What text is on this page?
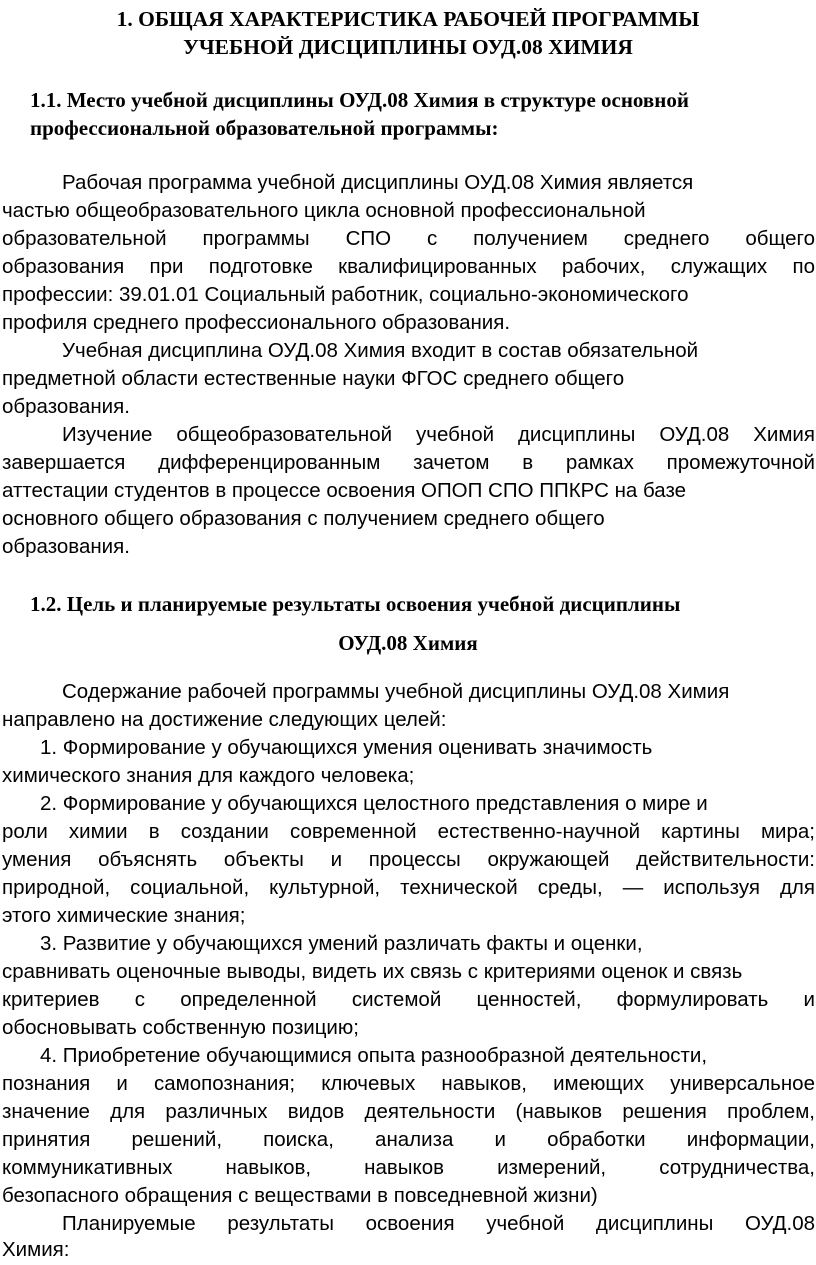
1. ОБЩАЯ ХАРАКТЕРИСТИКА РАБОЧЕЙ ПРОГРАММЫ
УЧЕБНОЙ ДИСЦИПЛИНЫ ОУД.08 ХИМИЯ
1.1. Место учебной дисциплины ОУД.08 Химия в структуре основной
профессиональной образовательной программы:
Рабочая программа учебной дисциплины ОУД.08 Химия является
частью общеобразовательного цикла основной профессиональной
образовательной программы СПО с получением среднего общего
образования при подготовке квалифицированных рабочих, служащих по
профессии: 39.01.01 Социальный работник, социально-экономического
профиля среднего профессионального образования.
Учебная дисциплина ОУД.08 Химия входит в состав обязательной
предметной области естественные науки ФГОС среднего общего
образования.
Изучение общеобразовательной учебной дисциплины ОУД.08 Химия
завершается дифференцированным зачетом в рамках промежуточной
аттестации студентов в процессе освоения ОПОП СПО ППКРС на базе
основного общего образования с получением среднего общего
образования.
1.2. Цель и планируемые результаты освоения учебной дисциплины
ОУД.08 Химия
Содержание рабочей программы учебной дисциплины ОУД.08 Химия
направлено на достижение следующих целей:
1. Формирование у обучающихся умения оценивать значимость
химического знания для каждого человека;
2. Формирование у обучающихся целостного представления о мире и
роли химии в создании современной естественно-научной картины мира;
умения объяснять объекты и процессы окружающей действительности:
природной, социальной, культурной, технической среды, — используя для
этого химические знания;
3. Развитие у обучающихся умений различать факты и оценки,
сравнивать оценочные выводы, видеть их связь с критериями оценок и связь
критериев с определенной системой ценностей, формулировать и
обосновывать собственную позицию;
4. Приобретение обучающимися опыта разнообразной деятельности,
познания и самопознания; ключевых навыков, имеющих универсальное
значение для различных видов деятельности (навыков решения проблем,
принятия решений, поиска, анализа и обработки информации,
коммуникативных навыков, навыков измерений, сотрудничества,
безопасного обращения с веществами в повседневной жизни)
Планируемые результаты освоения учебной дисциплины ОУД.08
Химия:
